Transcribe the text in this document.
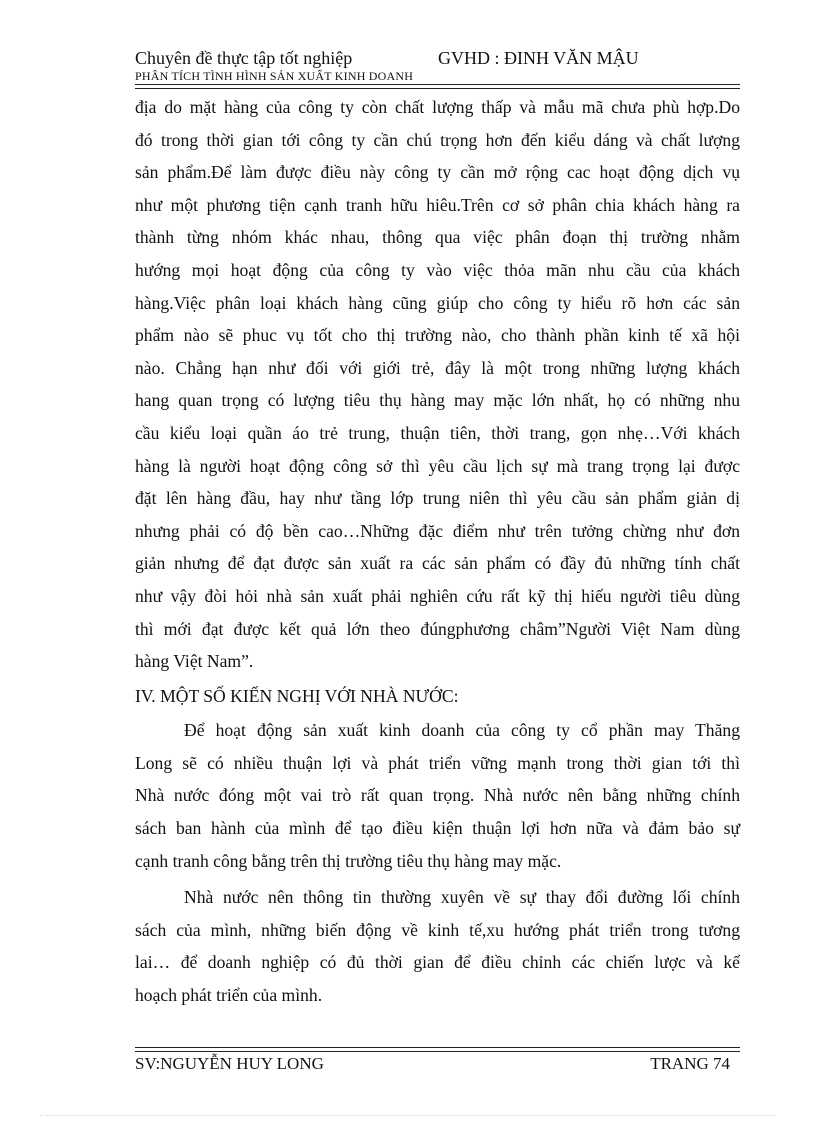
Chuyên đề thực tập tốt nghiệp	GVHD : ĐINH VĂN MẬU
PHÂN TÍCH TÌNH HÌNH SẢN XUẤT KINH DOANH
địa do mặt hàng của công ty còn chất lượng thấp và mẫu mã chưa phù hợp.Do
đó trong thời gian tới công ty cần chú trọng hơn đến kiểu dáng và chất lượng
sản phẩm.Để làm được điều này công ty cần mở rộng cac hoạt động dịch vụ
như một phương tiện cạnh tranh hữu hiêu.Trên cơ sở phân chia khách hàng ra
thành từng nhóm khác nhau, thông qua việc phân đoạn thị trường nhằm
hướng mọi hoạt động của công ty vào việc thỏa mãn nhu cầu của khách
hàng.Việc phân loại khách hàng cũng giúp cho công ty hiểu rõ hơn các sản
phẩm nào sẽ phuc vụ tốt cho thị trường nào, cho thành phần kinh tế xã hội
nào. Chẳng hạn như đối với giới trẻ, đây là một trong những lượng khách
hang quan trọng có lượng tiêu thụ hàng may mặc lớn nhất, họ có những nhu
cầu kiểu loại quần áo trẻ trung, thuận tiên, thời trang, gọn nhẹ…Với khách
hàng là người hoạt động công sở thì yêu cầu lịch sự mà trang trọng lại được
đặt lên hàng đầu, hay như tầng lớp trung niên thì yêu cầu sản phẩm giản dị
nhưng phải có độ bền cao…Những đặc điểm như trên tưởng chừng như đơn
giản nhưng để đạt được sản xuất ra các sản phẩm có đầy đủ những tính chất
như vậy đòi hỏi nhà sản xuất phải nghiên cứu rất kỹ thị hiếu người tiêu dùng
thì mới đạt được kết quả lớn theo đúngphương châm”Người Việt Nam dùng
hàng Việt Nam”.
IV. MỘT SỐ KIẾN NGHỊ VỚI NHÀ NƯỚC:
Để hoạt động sản xuất kinh doanh của công ty cổ phần may Thăng
Long sẽ có nhiều thuận lợi và phát triển vững mạnh trong thời gian tới thì
Nhà nước đóng một vai trò rất quan trọng. Nhà nước nên bằng những chính
sách ban hành của mình để tạo điều kiện thuận lợi hơn nữa và đảm bảo sự
cạnh tranh công bằng trên thị trường tiêu thụ hàng may mặc.
Nhà nước nên thông tin thường xuyên về sự thay đổi đường lối chính
sách của mình, những biến động về kinh tế,xu hướng phát triển trong tương
lai… để doanh nghiệp có đủ thời gian để điều chỉnh các chiến lược và kế
hoạch phát triển của mình.
SV:NGUYỄN HUY LONG	TRANG 74
